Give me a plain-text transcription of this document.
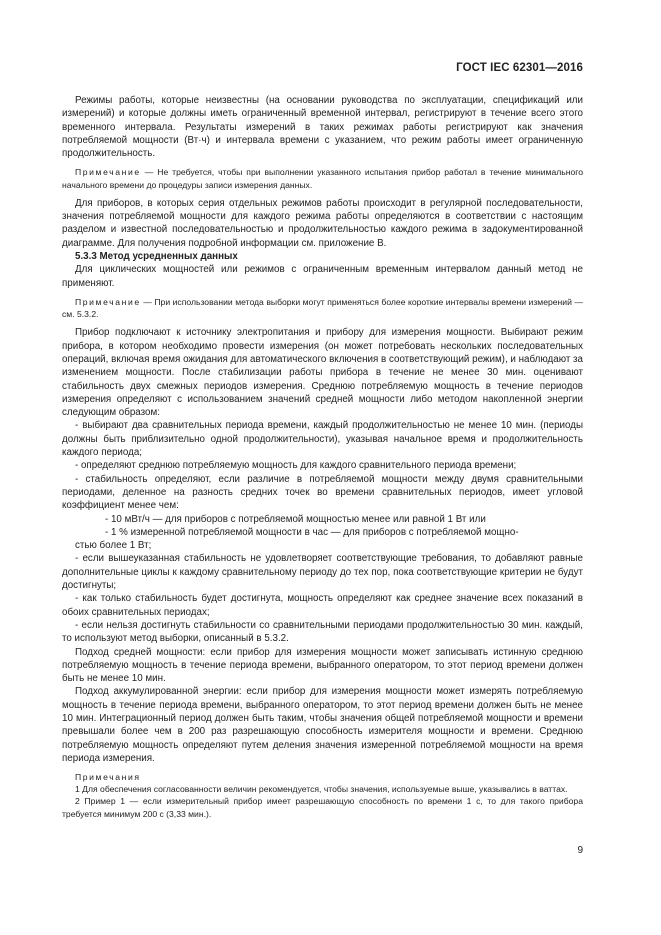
ГОСТ IEC 62301—2016

Режимы работы, которые неизвестны (на основании руководства по эксплуатации, спецификаций или измерений) и которые должны иметь ограниченный временной интервал, регистрируют в течение всего этого временного интервала. Результаты измерений в таких режимах работы регистрируют как значения потребляемой мощности (Вт·ч) и интервала времени с указанием, что режим работы имеет ограниченную продолжительность.

Примечание — Не требуется, чтобы при выполнении указанного испытания прибор работал в течение минимального начального времени до процедуры записи измерения данных.

Для приборов, в которых серия отдельных режимов работы происходит в регулярной последовательности, значения потребляемой мощности для каждого режима работы определяются в соответствии с настоящим разделом и известной последовательностью и продолжительностью каждого режима в задокументированной диаграмме. Для получения подробной информации см. приложение В.

5.3.3 Метод усредненных данных

Для циклических мощностей или режимов с ограниченным временным интервалом данный метод не применяют.

Примечание — При использовании метода выборки могут применяться более короткие интервалы времени измерений — см. 5.3.2.

Прибор подключают к источнику электропитания и прибору для измерения мощности. Выбирают режим прибора, в котором необходимо провести измерения (он может потребовать нескольких последовательных операций, включая время ожидания для автоматического включения в соответствующий режим), и наблюдают за изменением мощности. После стабилизации работы прибора в течение не менее 30 мин. оценивают стабильность двух смежных периодов измерения. Среднюю потребляемую мощность в течение периодов измерения определяют с использованием значений средней мощности либо методом накопленной энергии следующим образом:

- выбирают два сравнительных периода времени, каждый продолжительностью не менее 10 мин. (периоды должны быть приблизительно одной продолжительности), указывая начальное время и продолжительность каждого периода;

- определяют среднюю потребляемую мощность для каждого сравнительного периода времени;

- стабильность определяют, если различие в потребляемой мощности между двумя сравнительными периодами, деленное на разность средних точек во времени сравнительных периодов, имеет угловой коэффициент менее чем:

- 10 мВт/ч — для приборов с потребляемой мощностью менее или равной 1 Вт или

- 1 % измеренной потребляемой мощности в час — для приборов с потребляемой мощно-

стью более 1 Вт;

- если вышеуказанная стабильность не удовлетворяет соответствующие требования, то добавляют равные дополнительные циклы к каждому сравнительному периоду до тех пор, пока соответствующие критерии не будут достигнуты;

- как только стабильность будет достигнута, мощность определяют как среднее значение всех показаний в обоих сравнительных периодах;

- если нельзя достигнуть стабильности со сравнительными периодами продолжительностью 30 мин. каждый, то используют метод выборки, описанный в 5.3.2.

Подход средней мощности: если прибор для измерения мощности может записывать истинную среднюю потребляемую мощность в течение периода времени, выбранного оператором, то этот период времени должен быть не менее 10 мин.

Подход аккумулированной энергии: если прибор для измерения мощности может измерять потребляемую мощность в течение периода времени, выбранного оператором, то этот период времени должен быть не менее 10 мин. Интеграционный период должен быть таким, чтобы значения общей потребляемой мощности и времени превышали более чем в 200 раз разрешающую способность измерителя мощности и времени. Среднюю потребляемую мощность определяют путем деления значения измеренной потребляемой мощности на время периода измерения.

Примечания

1 Для обеспечения согласованности величин рекомендуется, чтобы значения, используемые выше, указывались в ваттах.

2 Пример 1 — если измерительный прибор имеет разрешающую способность по времени 1 с, то для такого прибора требуется минимум 200 с (3,33 мин.).

9
